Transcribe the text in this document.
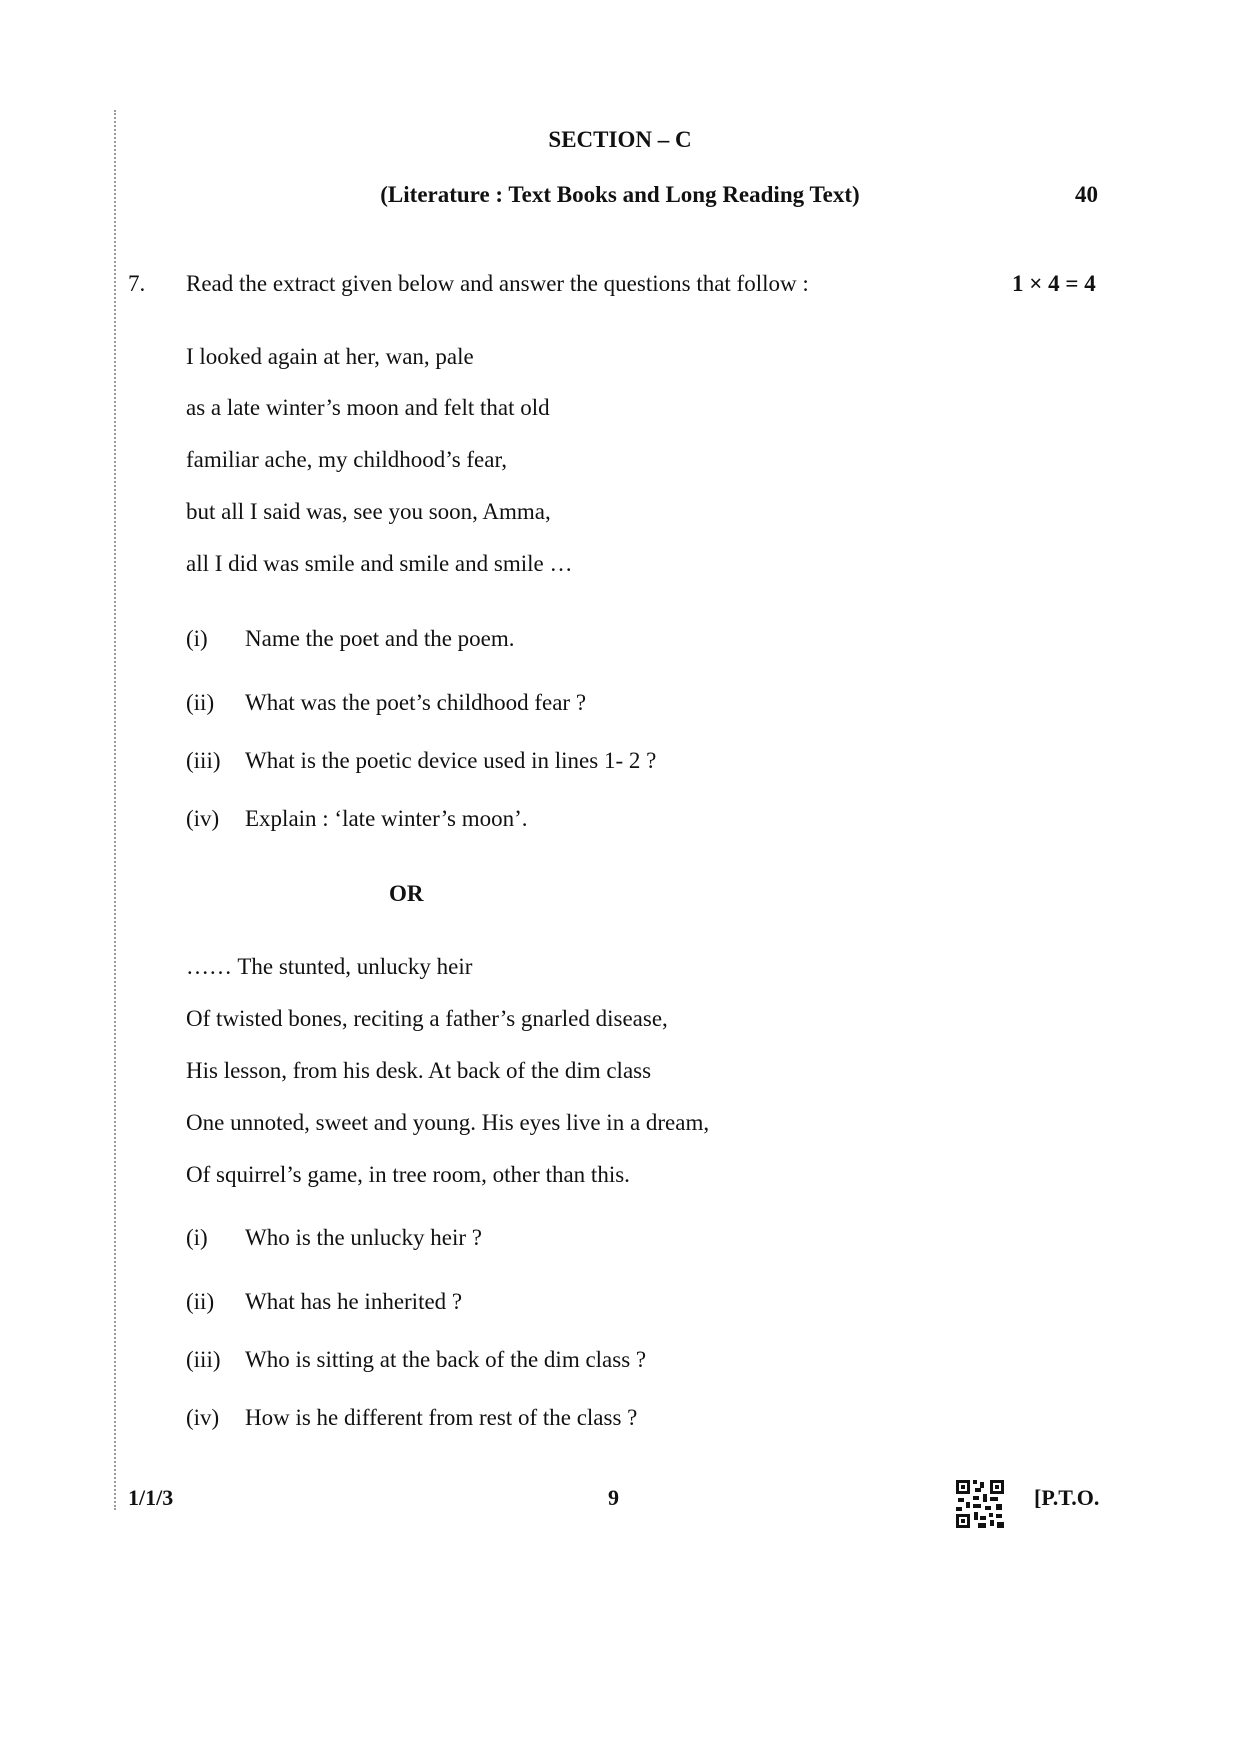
SECTION – C
(Literature : Text Books and Long Reading Text)	40
7. Read the extract given below and answer the questions that follow :	1 × 4 = 4
I looked again at her, wan, pale
as a late winter’s moon and felt that old
familiar ache, my childhood’s fear,
but all I said was, see you soon, Amma,
all I did was smile and smile and smile …
(i) Name the poet and the poem.
(ii) What was the poet’s childhood fear ?
(iii) What is the poetic device used in lines 1- 2 ?
(iv) Explain : ‘late winter’s moon’.
OR
…… The stunted, unlucky heir
Of twisted bones, reciting a father’s gnarled disease,
His lesson, from his desk. At back of the dim class
One unnoted, sweet and young. His eyes live in a dream,
Of squirrel’s game, in tree room, other than this.
(i) Who is the unlucky heir ?
(ii) What has he inherited ?
(iii) Who is sitting at the back of the dim class ?
(iv) How is he different from rest of the class ?
1/1/3	9	[P.T.O.
